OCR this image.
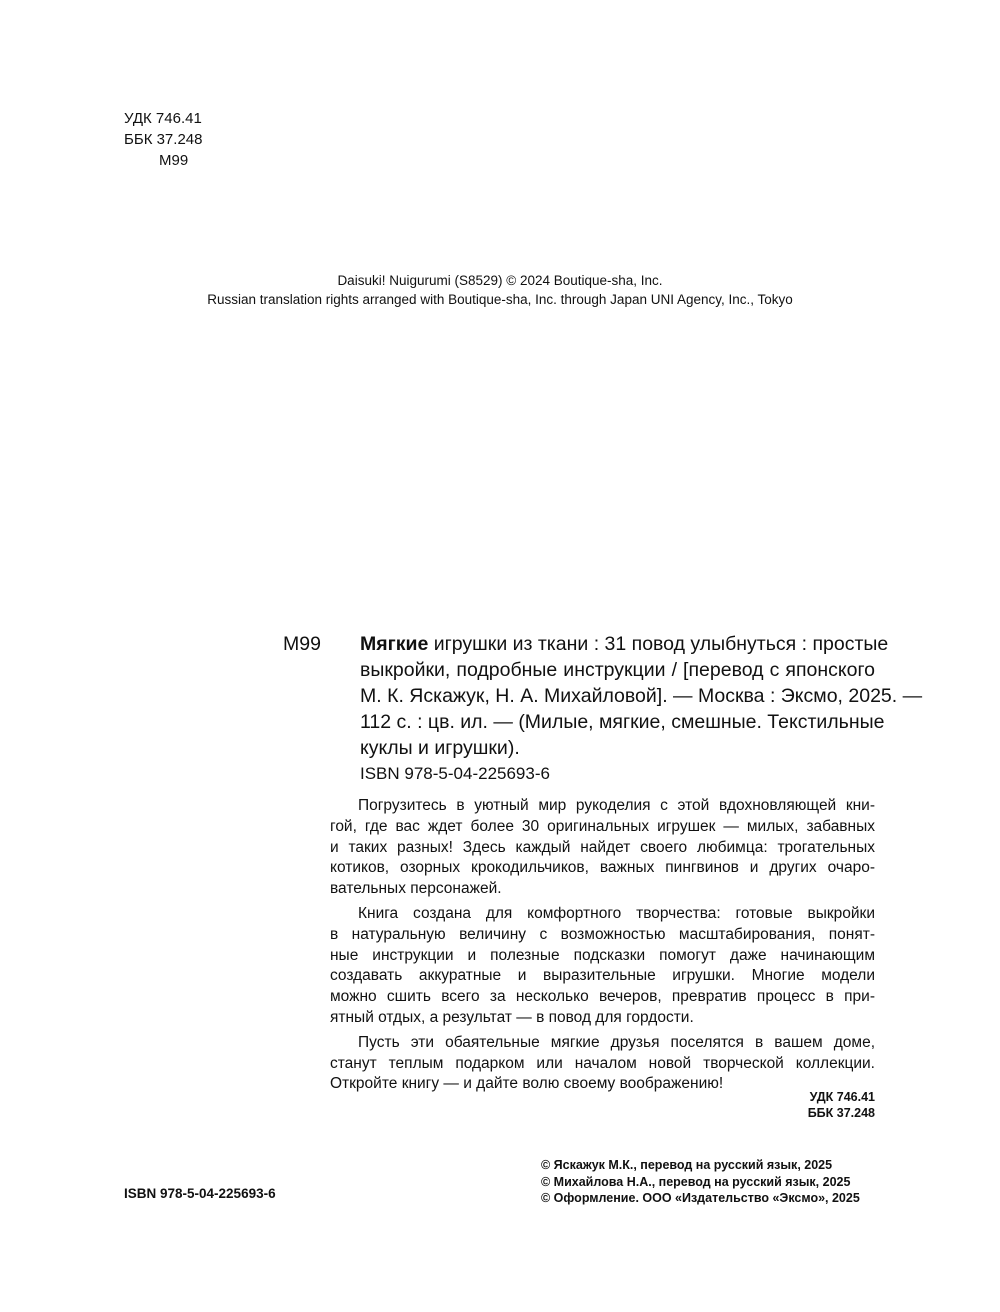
УДК 746.41
ББК 37.248
М99
Daisuki! Nuigurumi (S8529) © 2024 Boutique-sha, Inc.
Russian translation rights arranged with Boutique-sha, Inc. through Japan UNI Agency, Inc., Tokyo
М99 Мягкие игрушки из ткани : 31 повод улыбнуться : простые
выкройки, подробные инструкции / [перевод с японского
М. К. Яскажук, Н. А. Михайловой]. — Москва : Эксмо, 2025. —
112 с. : цв. ил. — (Милые, мягкие, смешные. Текстильные
куклы и игрушки).
ISBN 978-5-04-225693-6
Погрузитесь в уютный мир рукоделия с этой вдохновляющей кни-
гой, где вас ждет более 30 оригинальных игрушек — милых, забавных
и таких разных! Здесь каждый найдет своего любимца: трогательных
котиков, озорных крокодильчиков, важных пингвинов и других очаро-
вательных персонажей.
Книга создана для комфортного творчества: готовые выкройки
в натуральную величину с возможностью масштабирования, понят-
ные инструкции и полезные подсказки помогут даже начинающим
создавать аккуратные и выразительные игрушки. Многие модели
можно сшить всего за несколько вечеров, превратив процесс в при-
ятный отдых, а результат — в повод для гордости.
Пусть эти обаятельные мягкие друзья поселятся в вашем доме,
станут теплым подарком или началом новой творческой коллекции.
Откройте книгу — и дайте волю своему воображению!
УДК 746.41
ББК 37.248
ISBN 978-5-04-225693-6
© Яскажук М.К., перевод на русский язык, 2025
© Михайлова Н.А., перевод на русский язык, 2025
© Оформление. ООО «Издательство «Эксмо», 2025
